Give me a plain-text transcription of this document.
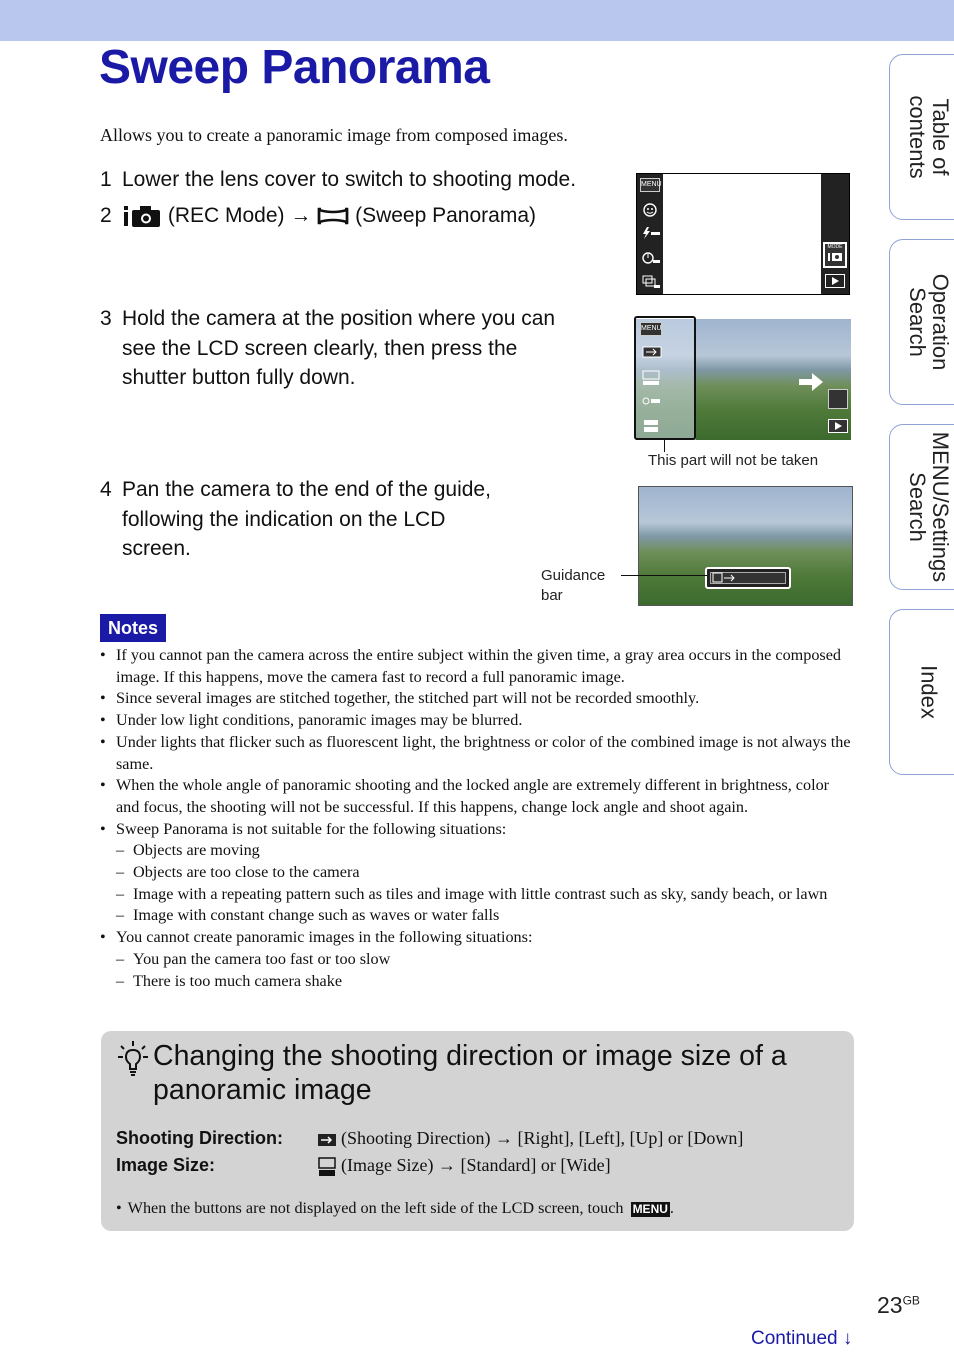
Sweep Panorama
Allows you to create a panoramic image from composed images.
1 Lower the lens cover to switch to shooting mode.
2	(REC Mode) → (Sweep Panorama)
3 Hold the camera at the position where you can
see the LCD screen clearly, then press the
shutter button fully down.
4 Pan the camera to the end of the guide,
following the indication on the LCD
screen.
MENU
MODE
MENU
This part will not be taken
Guidance
bar
Notes
• If you cannot pan the camera across the entire subject within the given time, a gray area occurs in the composed image. If this happens, move the camera fast to record a full panoramic image.
• Since several images are stitched together, the stitched part will not be recorded smoothly.
• Under low light conditions, panoramic images may be blurred.
• Under lights that flicker such as fluorescent light, the brightness or color of the combined image is not always the same.
• When the whole angle of panoramic shooting and the locked angle are extremely different in brightness, color and focus, the shooting will not be successful. If this happens, change lock angle and shoot again.
• Sweep Panorama is not suitable for the following situations:
– Objects are moving
– Objects are too close to the camera
– Image with a repeating pattern such as tiles and image with little contrast such as sky, sandy beach, or lawn
– Image with constant change such as waves or water falls
• You cannot create panoramic images in the following situations:
– You pan the camera too fast or too slow
– There is too much camera shake
Changing the shooting direction or image size of a panoramic image
Shooting Direction:	(Shooting Direction) → [Right], [Left], [Up] or [Down]
Image Size:	(Image Size) → [Standard] or [Wide]
• When the buttons are not displayed on the left side of the LCD screen, touch MENU .
Table of contents
Operation Search
MENU/Settings Search
Index
$23^{GB}$
Continued ↓
